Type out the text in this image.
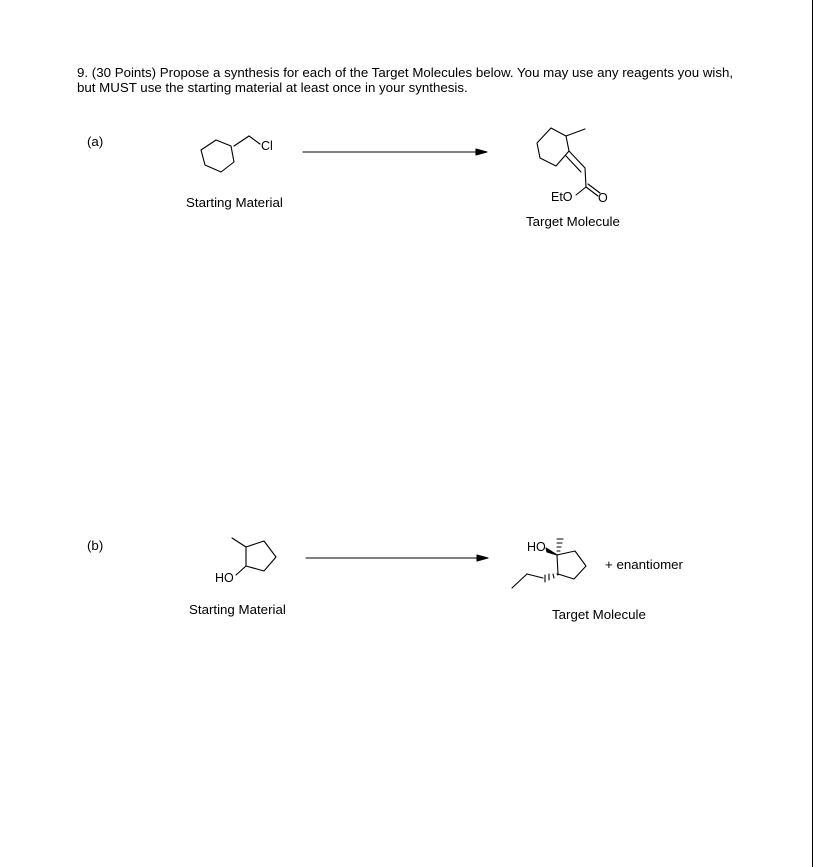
9. (30 Points) Propose a synthesis for each of the Target Molecules below. You may use any reagents you wish,
but MUST use the starting material at least once in your synthesis.
(a)
(b)
Starting Material
Target Molecule
Starting Material	Target Molecule
+ enantiomer
Cl
EtO O
HO
HO
